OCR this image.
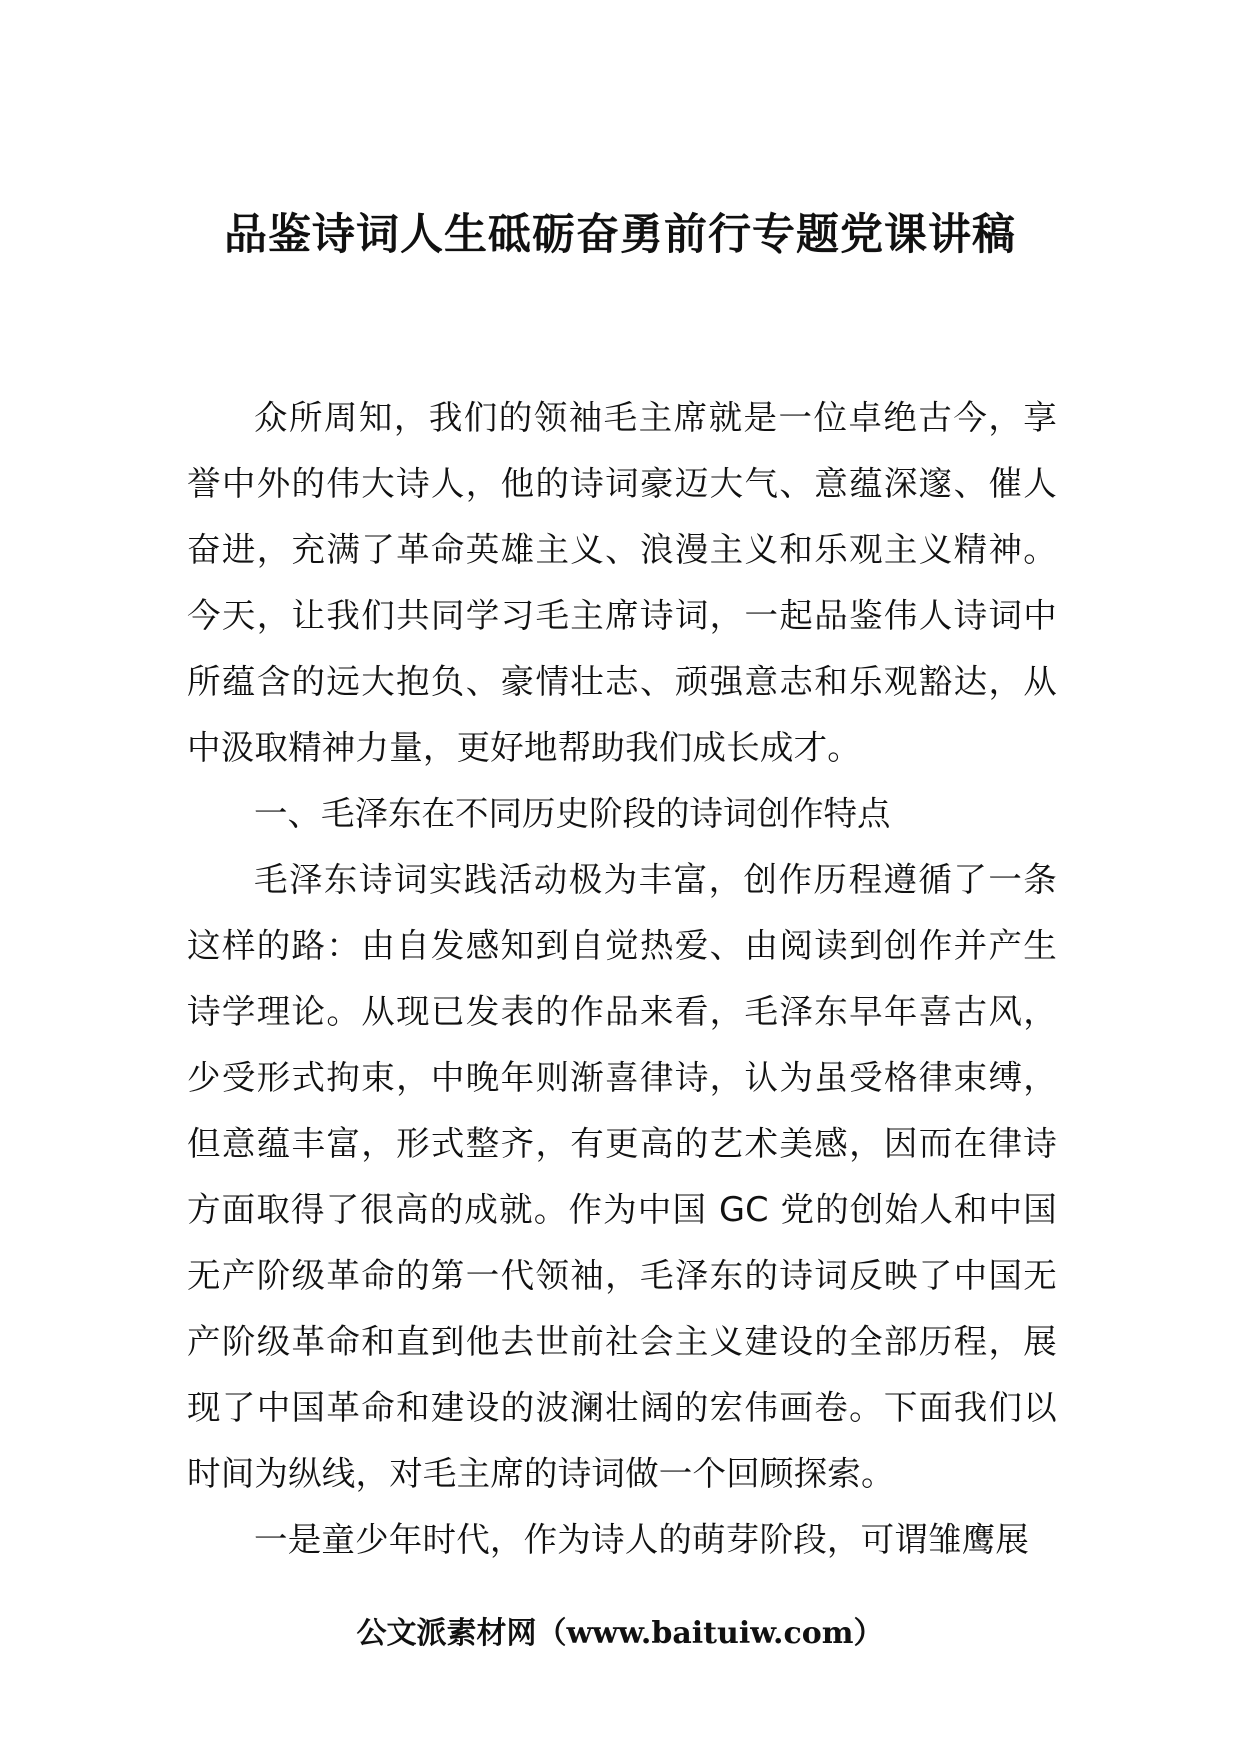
品鉴诗词人生砥砺奋勇前行专题党课讲稿

众所周知，我们的领袖毛主席就是一位卓绝古今，享誉中外的伟大诗人，他的诗词豪迈大气、意蕴深邃、催人奋进，充满了革命英雄主义、浪漫主义和乐观主义精神。今天，让我们共同学习毛主席诗词，一起品鉴伟人诗词中所蕴含的远大抱负、豪情壮志、顽强意志和乐观豁达，从中汲取精神力量，更好地帮助我们成长成才。

一、毛泽东在不同历史阶段的诗词创作特点

毛泽东诗词实践活动极为丰富，创作历程遵循了一条这样的路：由自发感知到自觉热爱、由阅读到创作并产生诗学理论。从现已发表的作品来看，毛泽东早年喜古风，少受形式拘束，中晚年则渐喜律诗，认为虽受格律束缚，但意蕴丰富，形式整齐，有更高的艺术美感，因而在律诗方面取得了很高的成就。作为中国 GC 党的创始人和中国无产阶级革命的第一代领袖，毛泽东的诗词反映了中国无产阶级革命和直到他去世前社会主义建设的全部历程，展现了中国革命和建设的波澜壮阔的宏伟画卷。下面我们以时间为纵线，对毛主席的诗词做一个回顾探索。

一是童少年时代，作为诗人的萌芽阶段，可谓雏鹰展

公文派素材网（www.baituiw.com）
